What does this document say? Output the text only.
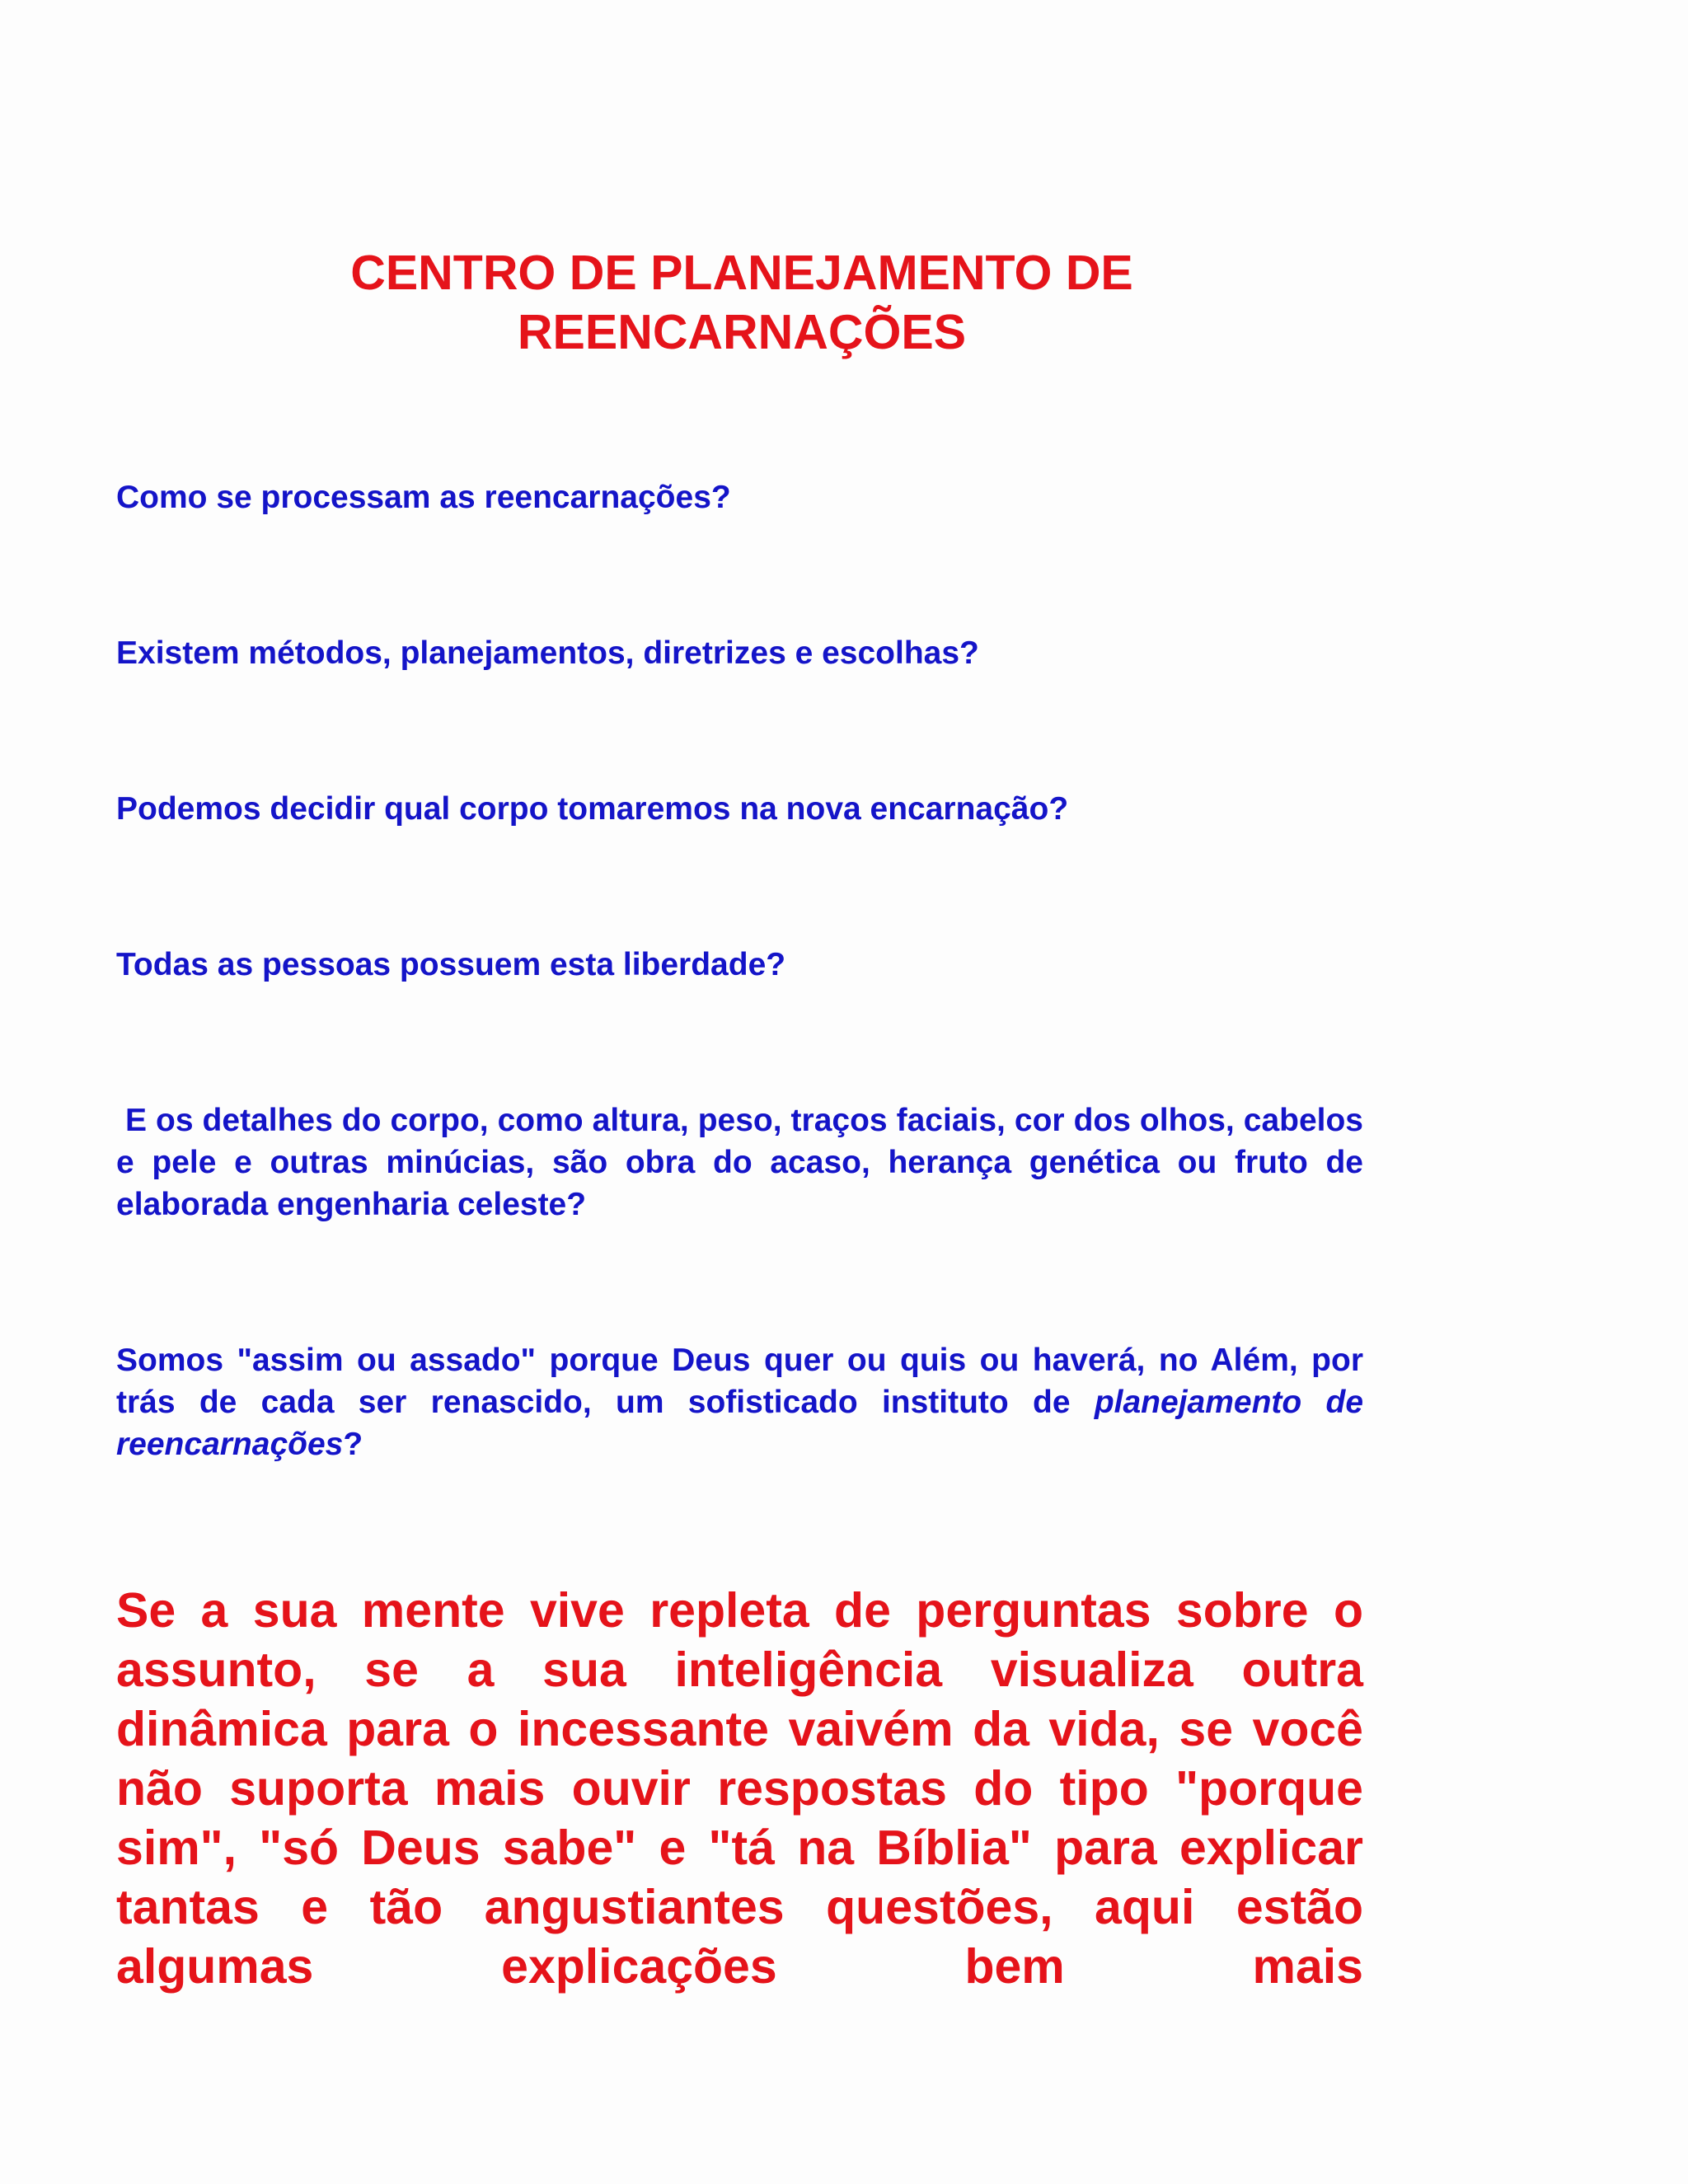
CENTRO DE PLANEJAMENTO DE
REENCARNAÇÕES
Como se processam as reencarnações?
Existem métodos, planejamentos, diretrizes e escolhas?
Podemos decidir qual corpo tomaremos na nova encarnação?
Todas as pessoas possuem esta liberdade?
E os detalhes do corpo, como altura, peso, traços faciais, cor dos olhos, cabelos e pele e outras minúcias, são obra do acaso, herança genética ou fruto de elaborada engenharia celeste?
Somos "assim ou assado" porque Deus quer ou quis ou haverá, no Além, por trás de cada ser renascido, um sofisticado instituto de planejamento de reencarnações?
Se a sua mente vive repleta de perguntas sobre o assunto, se a sua inteligência visualiza outra dinâmica para o incessante vaivém da vida, se você não suporta mais ouvir respostas do tipo "porque sim", "só Deus sabe" e "tá na Bíblia" para explicar tantas e tão angustiantes questões, aqui estão algumas explicações bem mais
